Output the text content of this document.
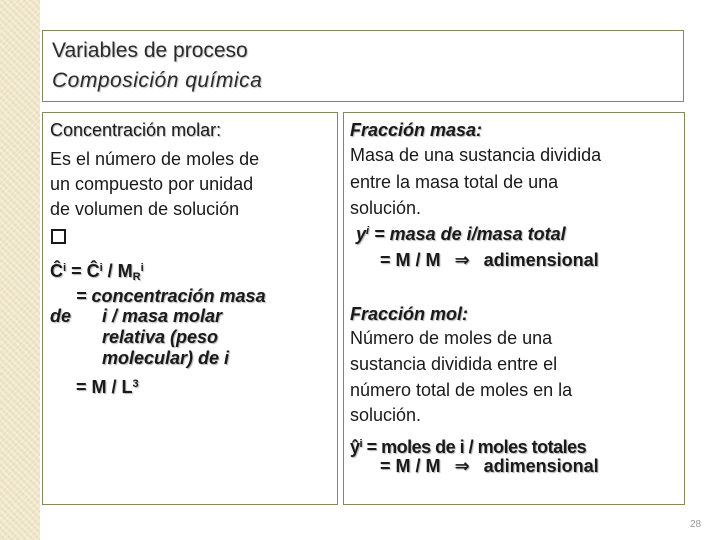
Variables de proceso
Composición química
Concentración molar:
Es el número de moles de
un compuesto por unidad
de volumen de solución
$Ĉ^i$ = $Ĉ^i / M_R^i$
= concentración masa
de i / masa molar
relativa (peso
molecular) de i
= M / $L^3$
Fracción masa:
Masa de una sustancia dividida
entre la masa total de una
solución.
$y^i$ = masa de i/masa total
= M / M ⇒ adimensional
Fracción mol:
Número de moles de una
sustancia dividida entre el
número total de moles en la
solución.
$ŷ^i$ = moles de i / moles totales
= M / M ⇒ adimensional
28
